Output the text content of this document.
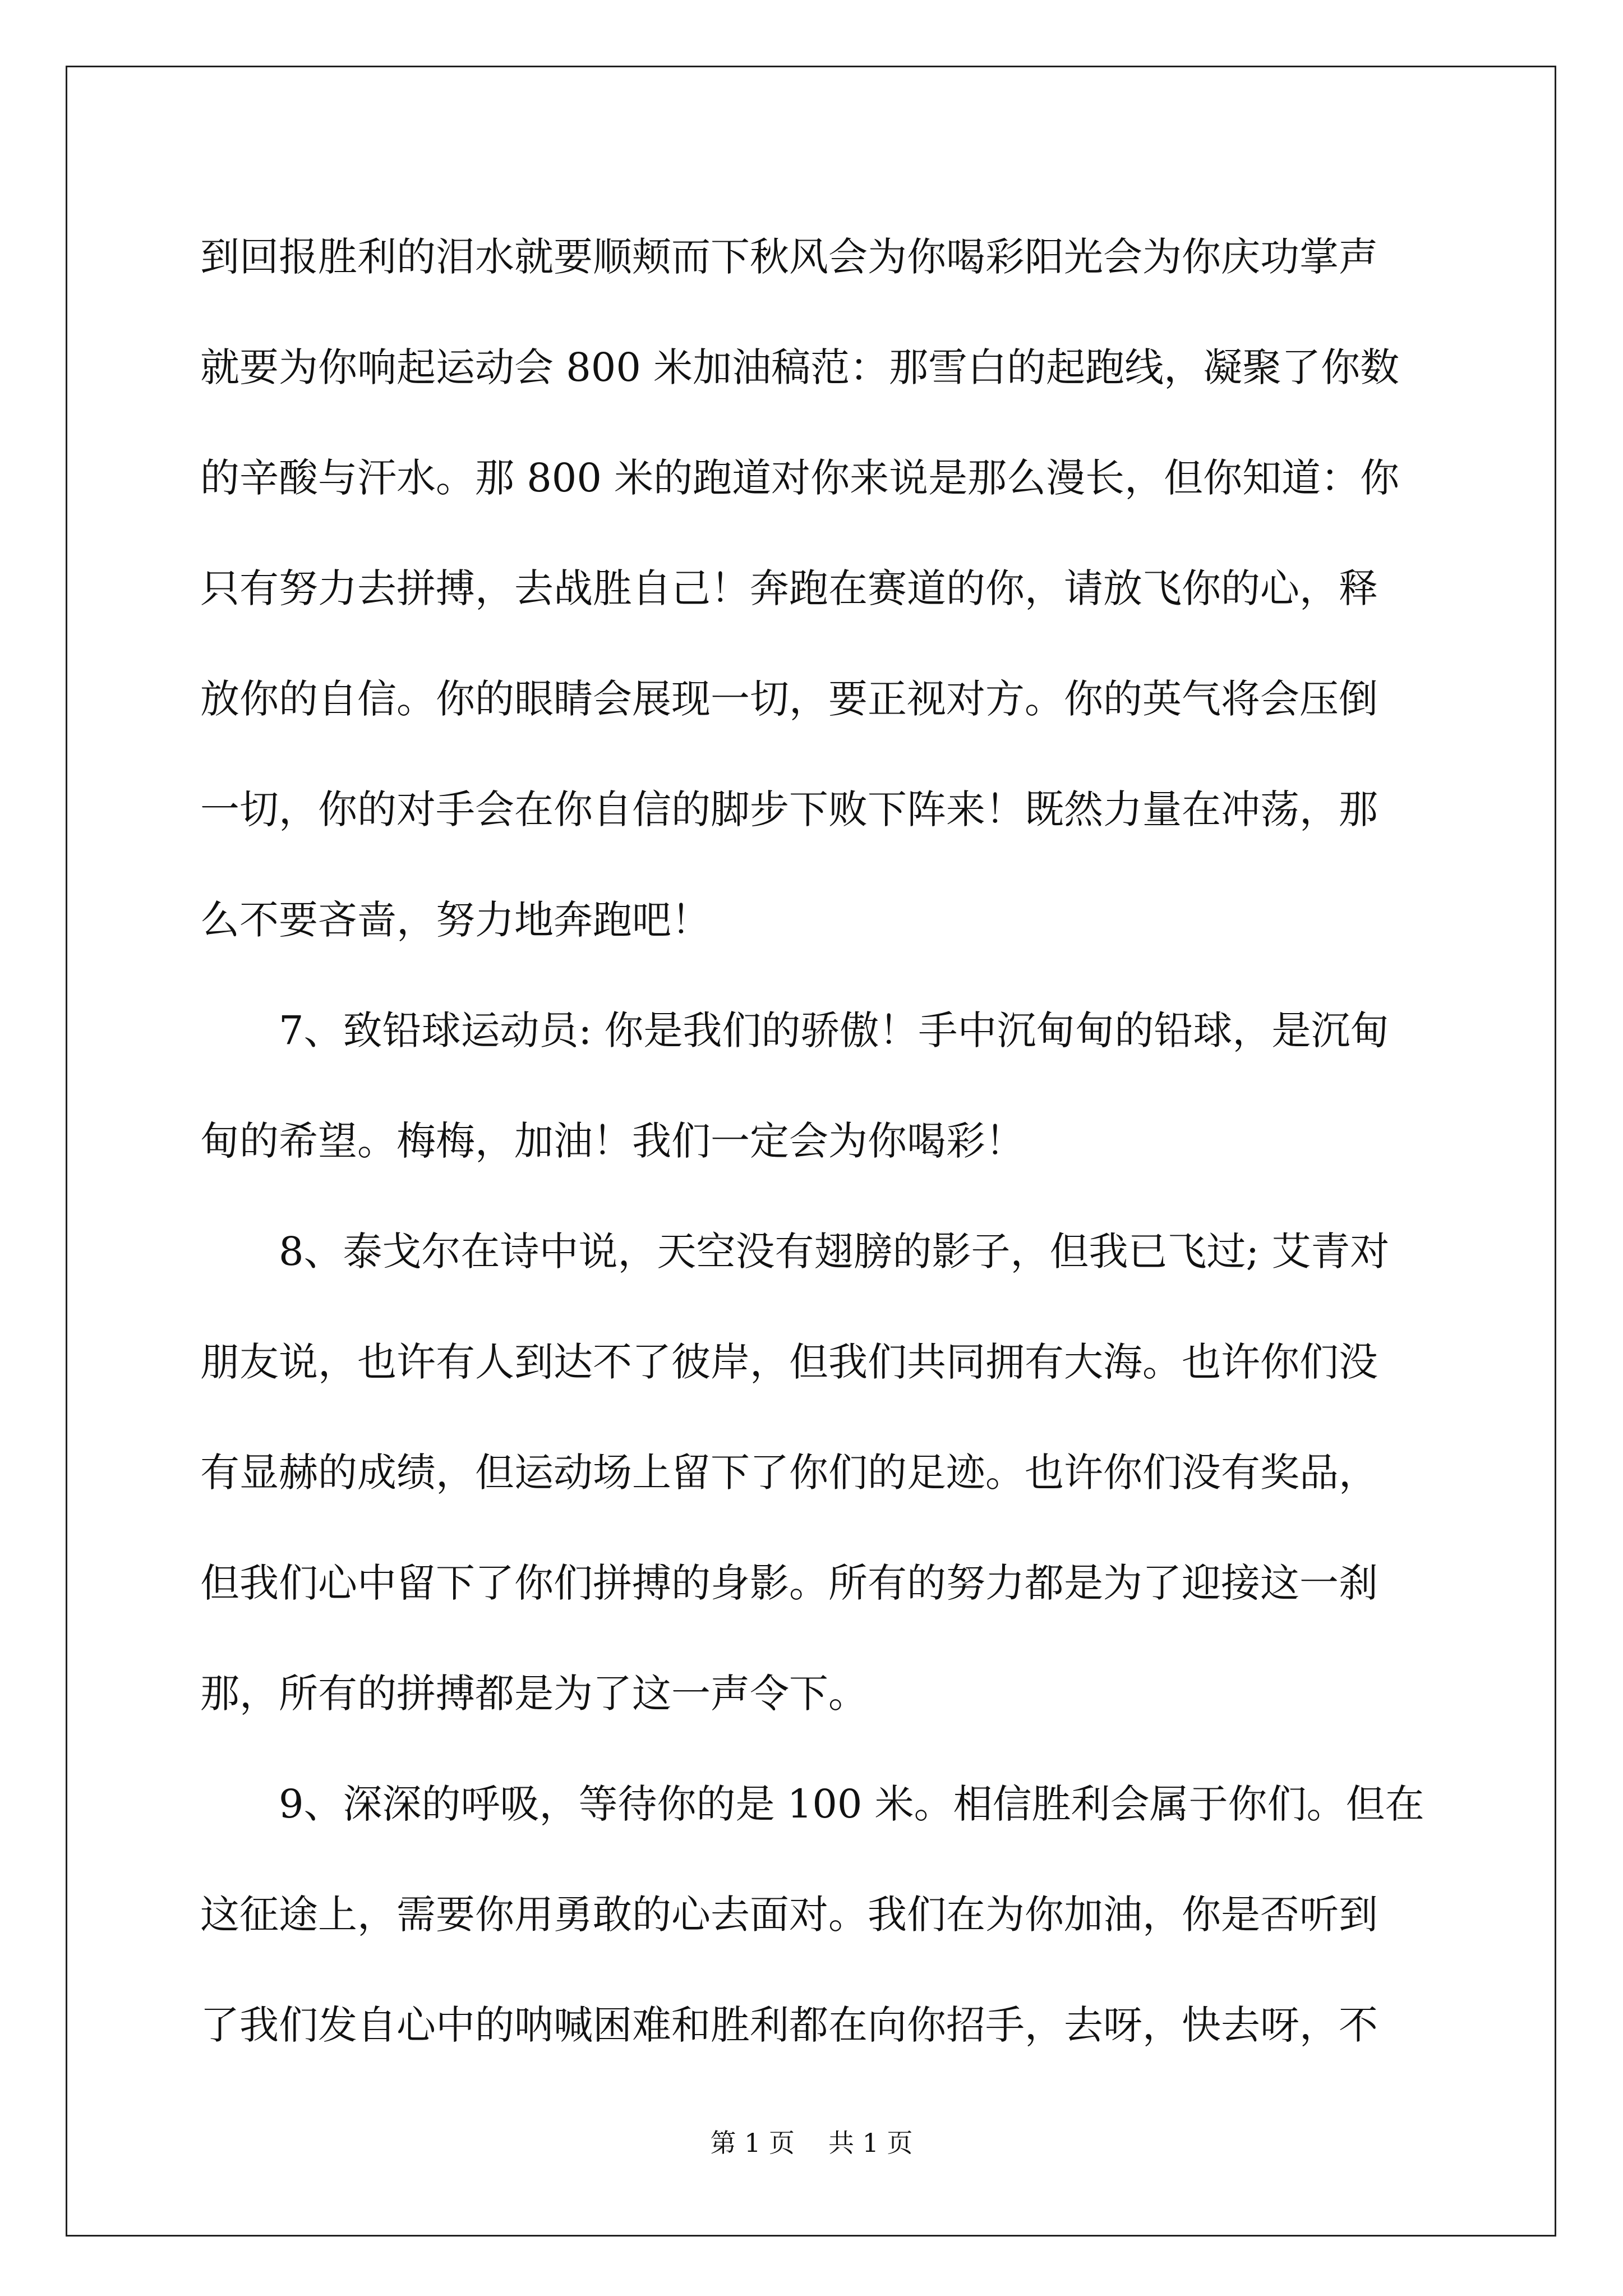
到回报胜利的泪水就要顺颊而下秋风会为你喝彩阳光会为你庆功掌声
就要为你响起运动会 800 米加油稿范：那雪白的起跑线，凝聚了你数
的辛酸与汗水。那 800 米的跑道对你来说是那么漫长，但你知道：你
只有努力去拼搏，去战胜自己！奔跑在赛道的你，请放飞你的心，释
放你的自信。你的眼睛会展现一切，要正视对方。你的英气将会压倒
一切，你的对手会在你自信的脚步下败下阵来！既然力量在冲荡，那
么不要吝啬，努力地奔跑吧！
7、致铅球运动员: 你是我们的骄傲！手中沉甸甸的铅球，是沉甸
甸的希望。梅梅，加油！我们一定会为你喝彩！
8、泰戈尔在诗中说，天空没有翅膀的影子，但我已飞过; 艾青对
朋友说，也许有人到达不了彼岸，但我们共同拥有大海。也许你们没
有显赫的成绩，但运动场上留下了你们的足迹。也许你们没有奖品，
但我们心中留下了你们拼搏的身影。所有的努力都是为了迎接这一刹
那，所有的拼搏都是为了这一声令下。
9、深深的呼吸，等待你的是 100 米。相信胜利会属于你们。但在
这征途上，需要你用勇敢的心去面对。我们在为你加油，你是否听到
了我们发自心中的呐喊困难和胜利都在向你招手，去呀，快去呀，不
第 1 页 共 1 页
